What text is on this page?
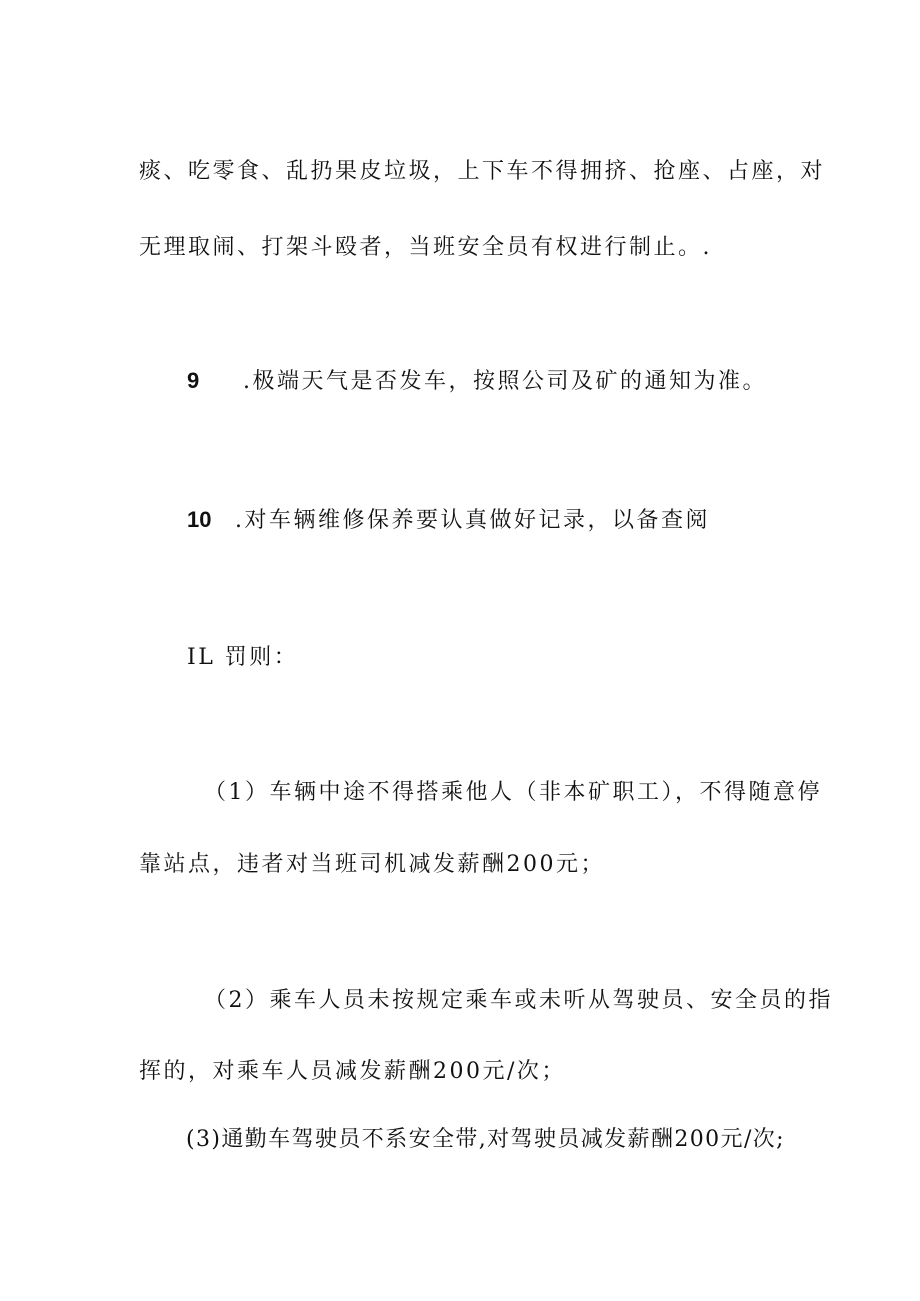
痰、吃零食、乱扔果皮垃圾，上下车不得拥挤、抢座、占座，对

无理取闹、打架斗殴者，当班安全员有权进行制止。.

9 .极端天气是否发车，按照公司及矿的通知为准。

10 .对车辆维修保养要认真做好记录，以备查阅

IL 罚则：

（1）车辆中途不得搭乘他人（非本矿职工），不得随意停

靠站点，违者对当班司机减发薪酬200元；

（2）乘车人员未按规定乘车或未听从驾驶员、安全员的指

挥的，对乘车人员减发薪酬200元/次；

(3)通勤车驾驶员不系安全带,对驾驶员减发薪酬200元/次;
